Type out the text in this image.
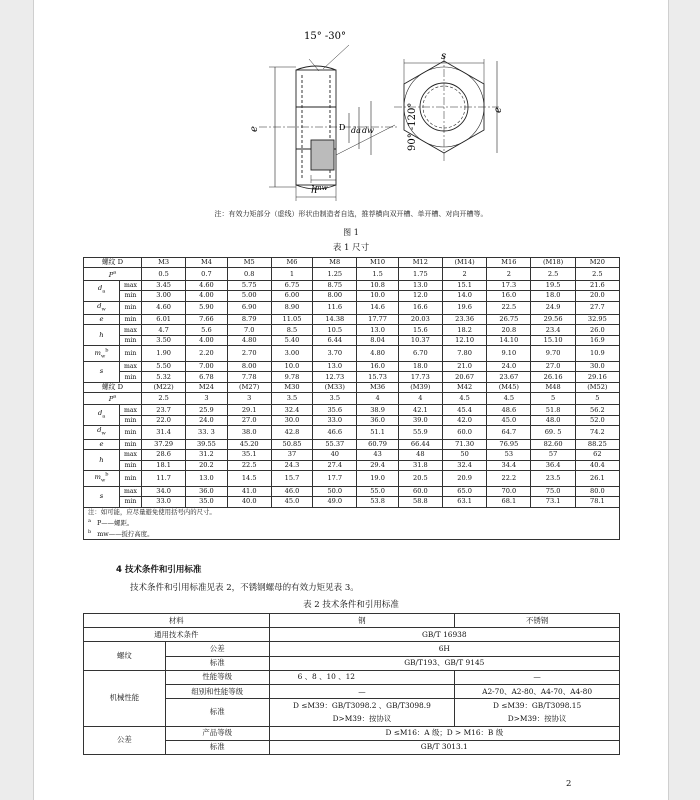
15° -30°
e	D da dw
mw
h
90° -120°
s
e
注：有效力矩部分（虚线）形状由制造者自选，推荐横向双开槽、单开槽、对向开槽等。
图 1
表 1 尺寸
螺纹 D		M3	M4	M5	M6	M8	M10	M12	(M14)	M16	(M18)	M20
$P^a$		0.5	0.7	0.8	1	1.25	1.5	1.75	2	2	2.5	2.5
$d_a$	max	3.45	4.60	5.75	6.75	8.75	10.8	13.0	15.1	17.3	19.5	21.6
	min	3.00	4.00	5.00	6.00	8.00	10.0	12.0	14.0	16.0	18.0	20.0
$d_w$	min	4.60	5.90	6.90	8.90	11.6	14.6	16.6	19.6	22.5	24.9	27.7
e	min	6.01	7.66	8.79	11.05	14.38	17.77	20.03	23.36	26.75	29.56	32.95
h	max	4.7	5.6	7.0	8.5	10.5	13.0	15.6	18.2	20.8	23.4	26.0
	min	3.50	4.00	4.80	5.40	6.44	8.04	10.37	12.10	14.10	15.10	16.9
$m_w^b$	min	1.90	2.20	2.70	3.00	3.70	4.80	6.70	7.80	9.10	9.70	10.9
s	max	5.50	7.00	8.00	10.0	13.0	16.0	18.0	21.0	24.0	27.0	30.0
	min	5.32	6.78	7.78	9.78	12.73	15.73	17.73	20.67	23.67	26.16	29.16
螺纹 D		(M22)	M24	(M27)	M30	(M33)	M36	(M39)	M42	(M45)	M48	(M52)
$P^a$		2.5	3	3	3.5	3.5	4	4	4.5	4.5	5	5
$d_a$	max	23.7	25.9	29.1	32.4	35.6	38.9	42.1	45.4	48.6	51.8	56.2
	min	22.0	24.0	27.0	30.0	33.0	36.0	39.0	42.0	45.0	48.0	52.0
$d_w$	min	31.4	33. 3	38.0	42.8	46.6	51.1	55.9	60.0	64.7	69. 5	74.2
e	min	37.29	39.55	45.20	50.85	55.37	60.79	66.44	71.30	76.95	82.60	88.25
h	max	28.6	31.2	35.1	37	40	43	48	50	53	57	62
	min	18.1	20.2	22.5	24.3	27.4	29.4	31.8	32.4	34.4	36.4	40.4
$m_w^b$	min	11.7	13.0	14.5	15.7	17.7	19.0	20.5	20.9	22.2	23.5	26.1
s	max	34.0	36.0	41.0	46.0	50.0	55.0	60.0	65.0	70.0	75.0	80.0
	min	33.0	35.0	40.0	45.0	49.0	53.8	58.8	63.1	68.1	73.1	78.1
注：如可能，应尽量避免使用括号内的尺寸。												
$^a$ P——螺距。												
$^b$ mw——扳拧高度。												
4 技术条件和引用标准
技术条件和引用标准见表 2，不锈钢螺母的有效力矩见表 3。
表 2 技术条件和引用标准
材料		钢	不锈钢
通用技术条件		GB/T 16938	
螺纹	公差	6H	
	标准	GB/T193、GB/T 9145	
机械性能	性能等级	6 、8 、10 、12	—
	组别和性能等级	—	A2-70、A2-80、A4-70、A4-80
	标准	D ≤M39：GB/T3098.2 、GB/T3098.9	D ≤M39：GB/T3098.15
		D>M39：按协议	D>M39：按协议
公差	产品等级	D ≤M16：A 级；D > M16：B 级	
	标准	GB/T 3013.1	
2
